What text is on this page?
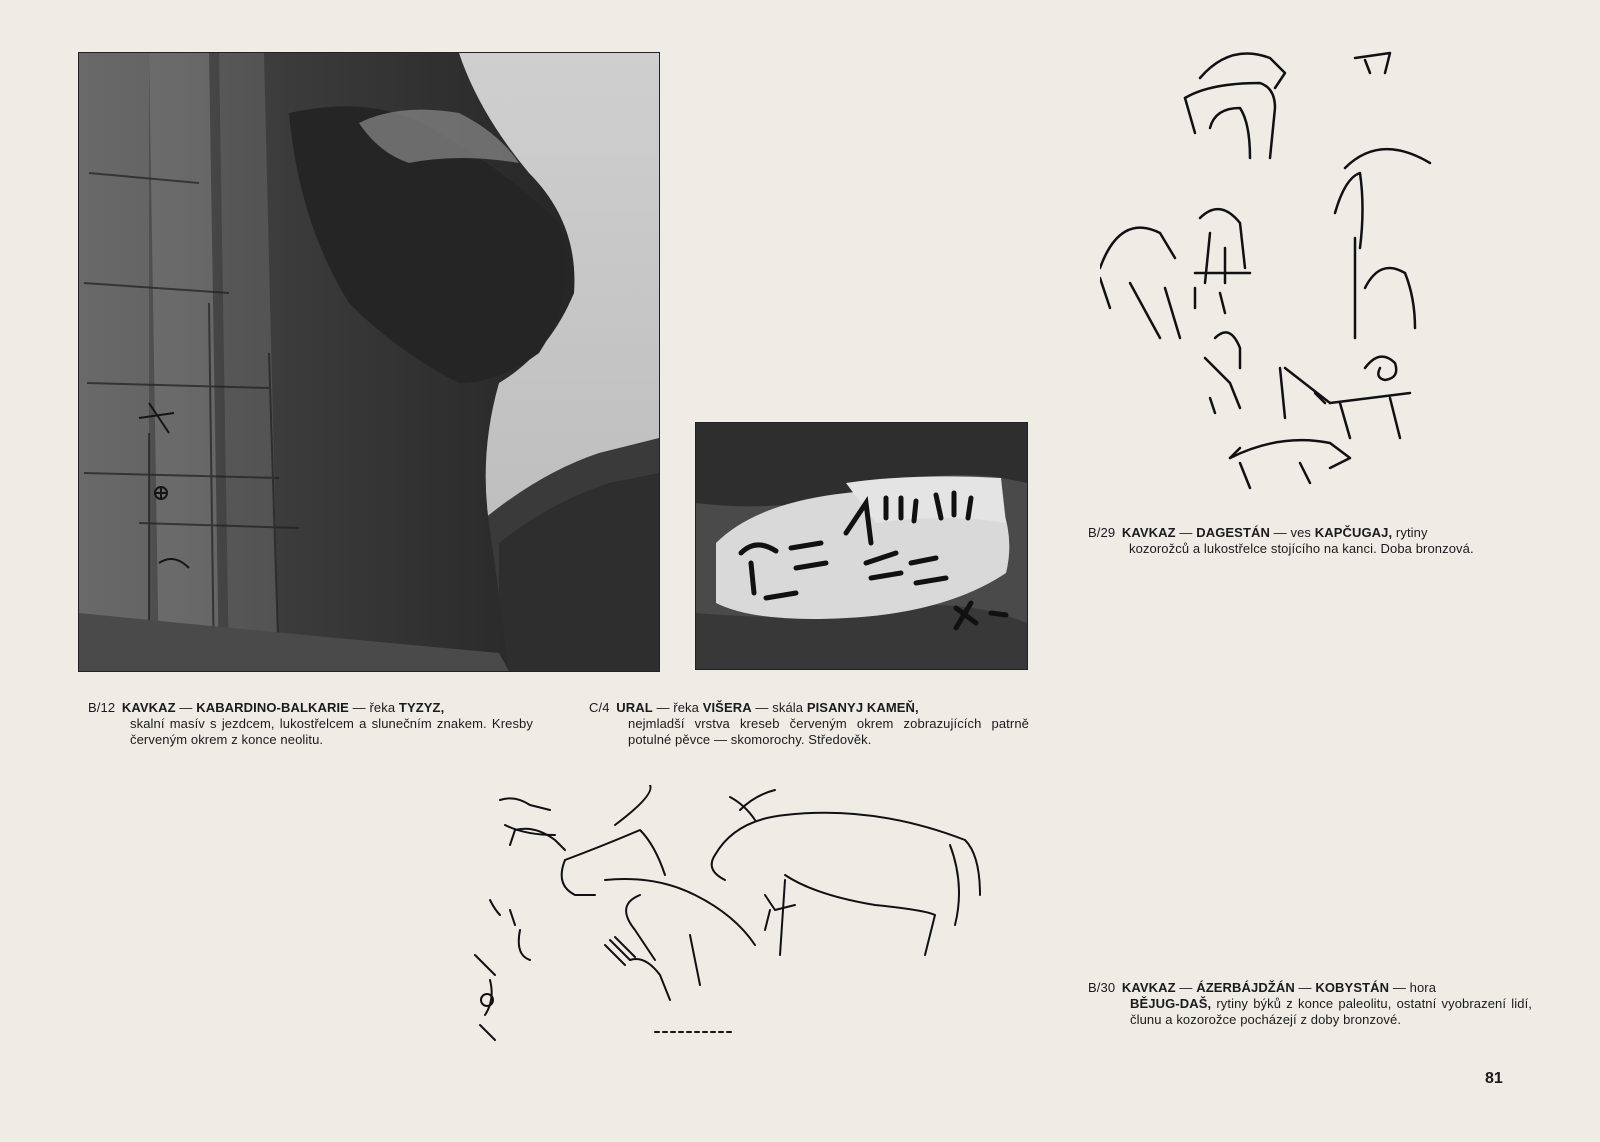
B/12 KAVKAZ — KABARDINO-BALKARIE — řeka TYZYZ,
skalní masív s jezdcem, lukostřelcem a slunečním znakem. Kresby červeným okrem z konce neolitu.
C/4 URAL — řeka VIŠERA — skála PISANYJ KAMEŇ,
nejmladší vrstva kreseb červeným okrem zobrazujících patrně potulné pěvce — skomorochy. Středověk.
B/29 KAVKAZ — DAGESTÁN — ves KAPČUGAJ, rytiny
kozorožců a lukostřelce stojícího na kanci. Doba bronzová.
B/30 KAVKAZ — ÁZERBÁJDŽÁN — KOBYSTÁN — hora
BĚJUG-DAŠ, rytiny býků z konce paleolitu, ostatní vyobrazení lidí, člunu a kozorožce pocházejí z doby bronzové.
81
